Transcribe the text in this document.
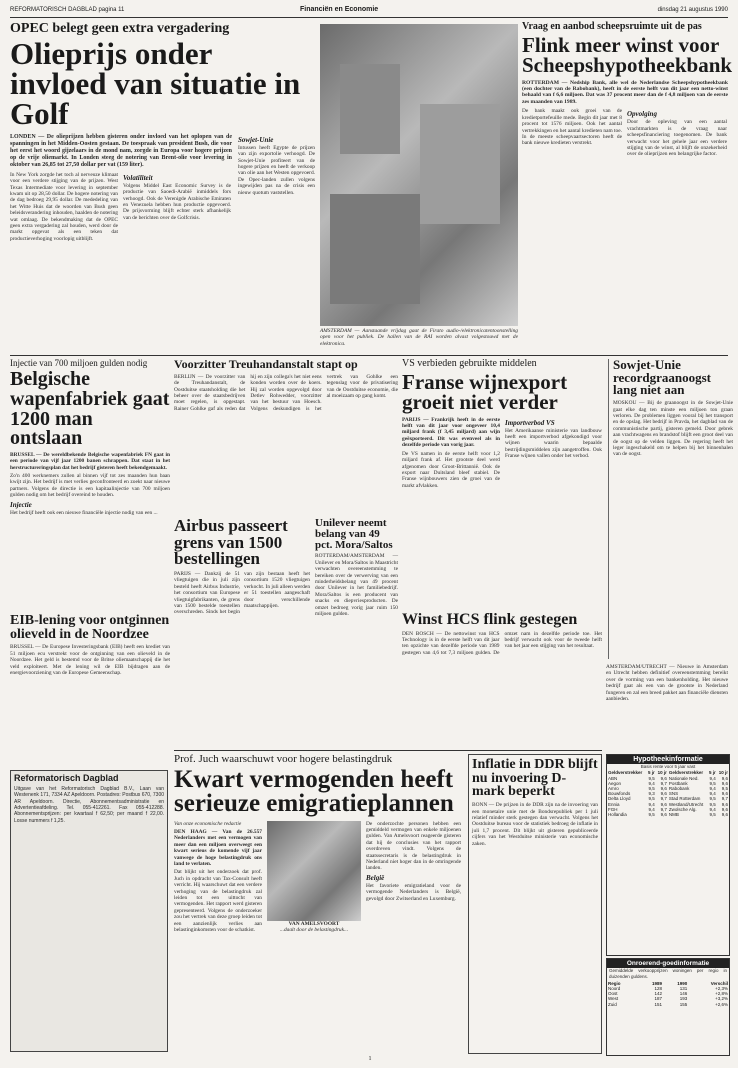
REFORMATORISCH DAGBLAD pagina 11	Financiën en Economie	dinsdag 21 augustus 1990
OPEC belegt geen extra vergadering
Olieprijs onder invloed van situatie in Golf
LONDEN — De olieprijzen hebben gisteren onder invloed van het oplopen van de spanningen in het Midden-Oosten gestaan. De toespraak van president Bush, die voor het eerst het woord gijzelaars in de mond nam, zorgde in Europa voor hogere prijzen op de vrije oliemarkt. In Londen steeg de notering van Brent-olie voor levering in oktober van 26,85 tot 27,50 dollar per vat (159 liter).
In New York zorgde het toch al nerveuze klimaat voor een verdere stijging van de prijzen. West Texas Intermediate voor levering in september kwam uit op 28,50 dollar. De hogere notering van de dag bedroeg 29,95 dollar. De mededeling van het Witte Huis dat de woorden van Bush geen beleidsverandering inhouden, haalden de notering wat omlaag. De bekendmaking dat de OPEC geen extra vergadering zal houden, werd door de markt opgevat als een teken dat productieverhoging voorlopig uitblijft.
Volatiliteit
Volgens Middel East Economic Survey is de productie van Saoedi-Arabië inmiddels fors verhoogd. Ook de Verenigde Arabische Emiraten en Venezuela hebben hun productie opgevoerd. De prijsvorming blijft echter sterk afhankelijk van de berichten over de Golfcrisis.
Sowjet-Unie
Intussen heeft Egypte de prijzen van zijn exportolie verhoogd. De Sowjet-Unie profiteert van de hogere prijzen en heeft de verkoop van olie aan het Westen opgevoerd. De Opec-landen zullen volgens ingewijden pas na de crisis een nieuw quotum vaststellen.
AMSTERDAM — Aanstaande vrijdag gaat de Firato audio-/elektronicatentoonstelling open voor het publiek. De hallen van de RAI worden alvast volgestouwd met de elektronica.
Vraag en aanbod scheepsruimte uit de pas
Flink meer winst voor Scheepshypotheekbank
ROTTERDAM — Nedship Bank, alle wel de Nederlandse Scheepshypotheekbank (een dochter van de Rabobank), heeft in de eerste helft van dit jaar een netto-winst behaald van f 6,6 miljoen. Dat was 37 procent meer dan de f 4,8 miljoen van de eerste zes maanden van 1989.
De bank maakt ook groei van de kredietportefeuille mede. Begin dit jaar met 8 procent tot 1576 miljoen. Ook het aantal vertrekkingen en het aantal kredieten nam toe. In de meeste scheepvaartsectoren heeft de bank nieuwe kredieten verstrekt.
Opvolging
Door de opleving van een aantal vrachtmarkten is de vraag naar scheepsfinanciering toegenomen. De bank verwacht voor het gehele jaar een verdere stijging van de winst, al blijft de onzekerheid over de olieprijzen een belangrijke factor.
Injectie van 700 miljoen gulden nodig
Belgische wapenfabriek gaat 1200 man ontslaan
BRUSSEL — De wereldbekende Belgische wapenfabriek FN gaat in een periode van vijf jaar 1200 banen schrappen. Dat staat in het herstructureringsplan dat het bedrijf gisteren heeft bekendgemaakt.
Zo'n 400 werknemers zullen al binnen vijf tot zes maanden hun baan kwijt zijn. Het bedrijf is met verlies geconfronteerd en zoekt naar nieuwe partners. Volgens de directie is een kapitaalinjectie van 700 miljoen gulden nodig om het bedrijf overeind te houden.
Injectie
Het bedrijf heeft ook een nieuwe financiële injectie nodig van een ...
Voorzitter Treuhandanstalt stapt op
BERLIJN — De voorzitter van de Treuhandanstalt, de Oostduitse staatsholding die het beheer over de staatsbedrijven moet regelen, is opgestapt. Rainer Gohlke gaf als reden dat hij en zijn collega's het niet eens konden worden over de koers. Hij zal worden opgevolgd door Detlev Rohwedder, voorzitter van het bestuur van Hoesch. Volgens deskundigen is het vertrek van Gohlke een tegenslag voor de privatisering van de Oostduitse economie, die al moeizaam op gang komt.
VS verbieden gebruikte middelen
Franse wijnexport groeit niet verder
PARIJS — Frankrijk heeft in de eerste helft van dit jaar voor ongeveer 10,4 miljard frank (f 3,45 miljard) aan wijn geëxporteerd. Dit was evenveel als in dezelfde periode van vorig jaar.
De VS namen in de eerste helft voor 1,2 miljard frank af. Het grootste deel werd afgenomen door Groot-Brittannië. Ook de export naar Duitsland bleef stabiel. De Franse wijnbouwers zien de groei van de markt afvlakken.
Importverbod VS
Het Amerikaanse ministerie van landbouw heeft een importverbod afgekondigd voor wijnen waarin bepaalde bestrijdingsmiddelen zijn aangetroffen. Ook Franse wijnen vallen onder het verbod.
Sowjet-Unie recordgraanoogst lang niet aan
MOSKOU — Bij de graanoogst in de Sowjet-Unie gaat elke dag ten minste een miljoen ton graan verloren. De problemen liggen vooral bij het transport en de opslag. Het bedrijf in Pravda, het dagblad van de communistische partij, gisteren gemeld. Door gebrek aan vrachtwagens en brandstof blijft een groot deel van de oogst op de velden liggen. De regering heeft het leger ingeschakeld om te helpen bij het binnenhalen van de oogst.
Airbus passeert grens van 1500 bestellingen
PARIJS — Dankzij de 51 vliegtuigen die in juli zijn besteld heeft Airbus Industrie, het consortium van Europese vliegtuigfabrikanten, de grens van 1500 bestelde toestellen overschreden. Sinds het begin van zijn bestaan heeft het consortium 1520 vliegtuigen verkocht. In juli alleen werden er 51 toestellen aangeschaft door verschillende maatschappijen.
Unilever neemt belang van 49 pct. Mora/Saltos
ROTTERDAM/AMSTERDAM — Unilever en Mora/Saltos in Maastricht verwachten overeenstemming te bereiken over de verwerving van een minderheidsbelang van 49 procent door Unilever in het familiebedrijf. Mora/Saltos is een producent van snacks en diepvriesproducten. De omzet bedroeg vorig jaar ruim 150 miljoen gulden.	Winst HCS flink gestegen
DEN BOSCH — De nettowinst van HCS Technology is in de eerste helft van dit jaar ten opzichte van dezelfde periode van 1989 gestegen van 4,6 tot 7,3 miljoen gulden. De omzet nam in dezelfde periode toe. Het bedrijf verwacht ook voor de tweede helft van het jaar een stijging van het resultaat.
EIB-lening voor ontginnen olieveld in de Noordzee
BRUSSEL — De Europese Investeringsbank (EIB) heeft een krediet van 51 miljoen ecu verstrekt voor de ontginning van een olieveld in de Noordzee. Het geld is bestemd voor de Britse oliemaatschappij die het veld exploiteert. Met de lening wil de EIB bijdragen aan de energievoorziening van de Europese Gemeenschap.
Reformatorisch Dagblad
Uitgave van het Reformatorisch Dagblad B.V., Laan van Westenenk 171, 7334 AZ Apeldoorn. Postadres: Postbus 670, 7300 AR Apeldoorn. Directie, Abonnementsadministratie en Advertentieafdeling. Tel. 055-412261. Fax 055-412288. Abonnementsprijzen: per kwartaal f 62,50; per maand f 22,00. Losse nummers f 1,25.
Prof. Juch waarschuwt voor hogere belastingdruk
Kwart vermogenden heeft serieuze emigratieplannen
Van onze economische redactie
DEN HAAG — Van de 26.557 Nederlanders met een vermogen van meer dan een miljoen overweegt een kwart serieus de komende vijf jaar vanwege de hoge belastingdruk ons land te verlaten.
Dat blijkt uit het onderzoek dat prof. Juch in opdracht van Tax-Consult heeft verricht. Hij waarschuwt dat een verdere verhoging van de belastingdruk zal leiden tot een uittocht van vermogenden. Het rapport werd gisteren gepresenteerd. Volgens de onderzoeker zou het vertrek van deze groep leiden tot een aanzienlijk verlies aan belastinginkomsten voor de schatkist.
VAN AMELSVOORT
...daalt door de belastingdruk...
De onderzochte personen hebben een gemiddeld vermogen van enkele miljoenen gulden. Van Amelsvoort reageerde gisteren dat hij de conclusies van het rapport overdreven vindt. Volgens de staatssecretaris is de belastingdruk in Nederland niet hoger dan in de omringende landen.
België
Het favoriete emigratieland voor de vermogende Nederlanders is België, gevolgd door Zwitserland en Luxemburg.
Inflatie in DDR blijft nu invoering D-mark beperkt
BONN — De prijzen in de DDR zijn na de invoering van een monetaire unie met de Bondsrepubliek per 1 juli relatief minder sterk gestegen dan verwacht. Volgens het Oostduitse bureau voor de statistiek bedroeg de inflatie in juli 1,7 procent. Dit blijkt uit gisteren gepubliceerde cijfers van het Westduitse ministerie van economische zaken.
AMSTERDAM/UTRECHT — Nieuwe in Amsterdam en Utrecht hebben definitief overeenstemming bereikt over de vorming van een bankenholding. Het nieuwe bedrijf gaat als een van de grootste in Nederland fungeren en zal een breed pakket aan financiële diensten aanbieden.
Hypotheekinformatie
Basis rente voor 5 jaar vast
Geldverstrekker	5 jr	10 jr	Geldverstrekker	5 jr	10 jr
ABN	9,5	9,6	Nationale Ned.	9,4	9,6
Aegon	9,4	9,7	Postbank	9,5	9,6
Amro	9,5	9,6	Rabobank	9,4	9,5
Bouwfonds	9,3	9,6	SNS	9,4	9,6
Delta Lloyd	9,5	9,7	Stad Rotterdam	9,5	9,7
Ennia	9,4	9,6	Westland/Utrecht	9,5	9,6
FGH	9,4	9,7	Zwolsche Alg.	9,4	9,6
Hollandia	9,5	9,6	NMB	9,5	9,6
Onroerend-goedinformatie
Gemiddelde verkoopprijzen woningen per regio in duizenden guldens.
Regio	1989	1990	Verschil
Noord	128	131	+2,3%
Oost	142	146	+2,8%
West	187	193	+3,2%
Zuid	151	155	+2,6%
1
